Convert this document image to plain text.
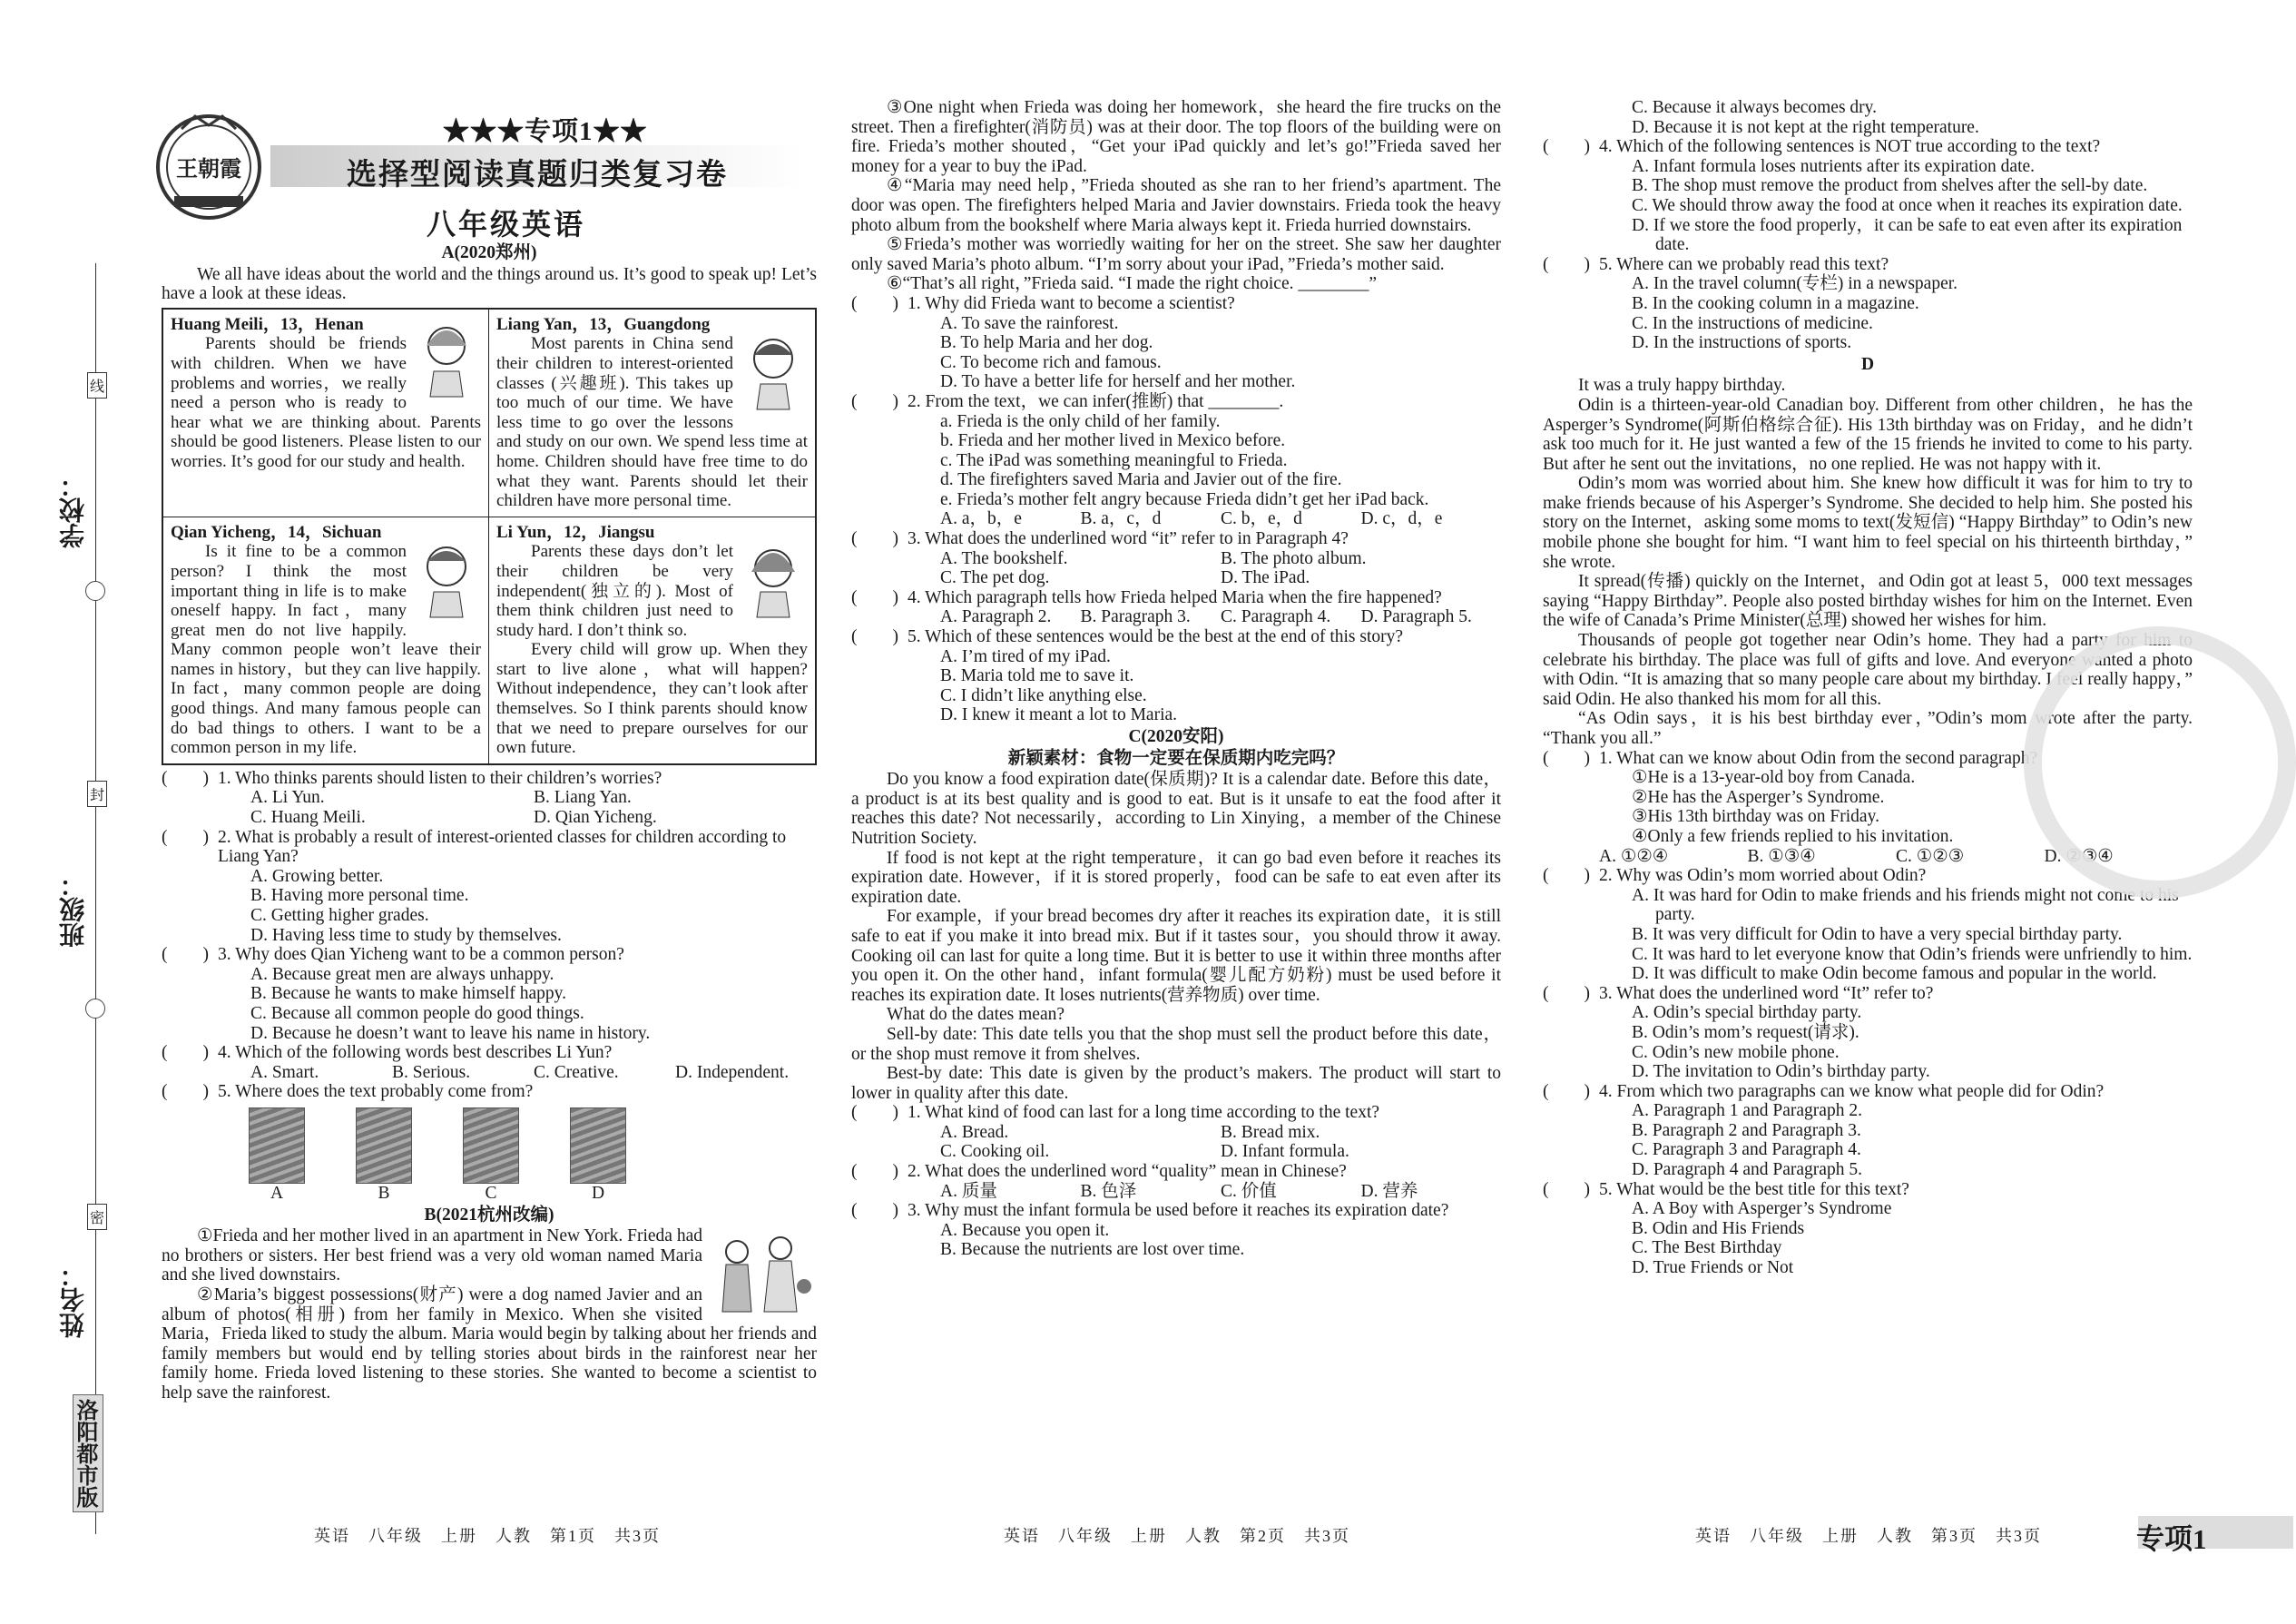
学校：
班级：
姓名：
线
封
密
洛阳都市版
王朝霞
★★★专项1★★
选择型阅读真题归类复习卷
八年级英语
A(2020郑州)

We all have ideas about the world and the things around us. It’s good to speak up! Let’s have a look at these ideas.

Huang Meili，13，Henan

Parents should be friends with children. When we have problems and worries，we really need a person who is ready to hear what we are thinking about. Parents should be good listeners. Please listen to our worries. It’s good for our study and health.

Liang Yan，13，Guangdong

Most parents in China send their children to interest-oriented classes (兴趣班). This takes up too much of our time. We have less time to go over the lessons and study on our own. We spend less time at home. Children should have free time to do what they want. Parents should let their children have more personal time.

Qian Yicheng，14，Sichuan

Is it fine to be a common person? I think the most important thing in life is to make oneself happy. In fact，many great men do not live happily. Many common people won’t leave their names in history，but they can live happily. In fact，many common people are doing good things. And many famous people can do bad things to others. I want to be a common person in my life.

Li Yun，12，Jiangsu

Parents these days don’t let their children be very independent(独立的). Most of them think children just need to study hard. I don’t think so.

Every child will grow up. When they start to live alone，what will happen? Without independence，they can’t look after themselves. So I think parents should know that we need to prepare ourselves for our own future.

(　　) 1. Who thinks parents should listen to their children’s worries?
A. Li Yun.	B. Liang Yan.
C. Huang Meili.	D. Qian Yicheng.
(　　) 2. What is probably a result of interest-oriented classes for children according to Liang Yan?
A. Growing better.
B. Having more personal time.
C. Getting higher grades.
D. Having less time to study by themselves.
(　　) 3. Why does Qian Yicheng want to be a common person?
A. Because great men are always unhappy.
B. Because he wants to make himself happy.
C. Because all common people do good things.
D. Because he doesn’t want to leave his name in history.
(　　) 4. Which of the following words best describes Li Yun?
A. Smart.	B. Serious.	C. Creative.	D. Independent.
(　　) 5. Where does the text probably come from?
A	B	C	D
B(2021杭州改编)

①Frieda and her mother lived in an apartment in New York. Frieda had no brothers or sisters. Her best friend was a very old woman named Maria and she lived downstairs.

②Maria’s biggest possessions(财产) were a dog named Javier and an album of photos(相册) from her family in Mexico. When she visited Maria，Frieda liked to study the album. Maria would begin by talking about her friends and family members but would end by telling stories about birds in the rainforest near her family home. Frieda loved listening to these stories. She wanted to become a scientist to help save the rainforest.

③One night when Frieda was doing her homework，she heard the fire trucks on the street. Then a firefighter(消防员) was at their door. The top floors of the building were on fire. Frieda’s mother shouted，“Get your iPad quickly and let’s go!”Frieda saved her money for a year to buy the iPad.

④“Maria may need help，”Frieda shouted as she ran to her friend’s apartment. The door was open. The firefighters helped Maria and Javier downstairs. Frieda took the heavy photo album from the bookshelf where Maria always kept it. Frieda hurried downstairs.

⑤Frieda’s mother was worriedly waiting for her on the street. She saw her daughter only saved Maria’s photo album. “I’m sorry about your iPad，”Frieda’s mother said.

⑥“That’s all right，”Frieda said. “I made the right choice. ________”

(　　) 1. Why did Frieda want to become a scientist?
A. To save the rainforest.
B. To help Maria and her dog.
C. To become rich and famous.
D. To have a better life for herself and her mother.
(　　) 2. From the text，we can infer(推断) that ________.
a. Frieda is the only child of her family.
b. Frieda and her mother lived in Mexico before.
c. The iPad was something meaningful to Frieda.
d. The firefighters saved Maria and Javier out of the fire.
e. Frieda’s mother felt angry because Frieda didn’t get her iPad back.
A. a，b，e	B. a，c，d	C. b，e，d	D. c，d，e
(　　) 3. What does the underlined word “it” refer to in Paragraph 4?
A. The bookshelf.	B. The photo album.
C. The pet dog.	D. The iPad.
(　　) 4. Which paragraph tells how Frieda helped Maria when the fire happened?
A. Paragraph 2.	B. Paragraph 3.	C. Paragraph 4.	D. Paragraph 5.
(　　) 5. Which of these sentences would be the best at the end of this story?
A. I’m tired of my iPad.
B. Maria told me to save it.
C. I didn’t like anything else.
D. I knew it meant a lot to Maria.
C(2020安阳)
新颖素材：食物一定要在保质期内吃完吗？

Do you know a food expiration date(保质期)? It is a calendar date. Before this date，a product is at its best quality and is good to eat. But is it unsafe to eat the food after it reaches this date? Not necessarily，according to Lin Xinying，a member of the Chinese Nutrition Society.

If food is not kept at the right temperature，it can go bad even before it reaches its expiration date. However，if it is stored properly，food can be safe to eat even after its expiration date.

For example，if your bread becomes dry after it reaches its expiration date，it is still safe to eat if you make it into bread mix. But if it tastes sour，you should throw it away. Cooking oil can last for quite a long time. But it is better to use it within three months after you open it. On the other hand，infant formula(婴儿配方奶粉) must be used before it reaches its expiration date. It loses nutrients(营养物质) over time.

What do the dates mean?

Sell-by date: This date tells you that the shop must sell the product before this date，or the shop must remove it from shelves.

Best-by date: This date is given by the product’s makers. The product will start to lower in quality after this date.

(　　) 1. What kind of food can last for a long time according to the text?
A. Bread.	B. Bread mix.
C. Cooking oil.	D. Infant formula.
(　　) 2. What does the underlined word “quality” mean in Chinese?
A. 质量	B. 色泽	C. 价值	D. 营养
(　　) 3. Why must the infant formula be used before it reaches its expiration date?
A. Because you open it.
B. Because the nutrients are lost over time.
C. Because it always becomes dry.
D. Because it is not kept at the right temperature.
(　　) 4. Which of the following sentences is NOT true according to the text?
A. Infant formula loses nutrients after its expiration date.
B. The shop must remove the product from shelves after the sell-by date.
C. We should throw away the food at once when it reaches its expiration date.
D. If we store the food properly，it can be safe to eat even after its expiration date.
(　　) 5. Where can we probably read this text?
A. In the travel column(专栏) in a newspaper.
B. In the cooking column in a magazine.
C. In the instructions of medicine.
D. In the instructions of sports.
D

It was a truly happy birthday.

Odin is a thirteen-year-old Canadian boy. Different from other children，he has the Asperger’s Syndrome(阿斯伯格综合征). His 13th birthday was on Friday，and he didn’t ask too much for it. He just wanted a few of the 15 friends he invited to come to his party. But after he sent out the invitations，no one replied. He was not happy with it.

Odin’s mom was worried about him. She knew how difficult it was for him to try to make friends because of his Asperger’s Syndrome. She decided to help him. She posted his story on the Internet，asking some moms to text(发短信) “Happy Birthday” to Odin’s new mobile phone she bought for him. “I want him to feel special on his thirteenth birthday，” she wrote.

It spread(传播) quickly on the Internet，and Odin got at least 5，000 text messages saying “Happy Birthday”. People also posted birthday wishes for him on the Internet. Even the wife of Canada’s Prime Minister(总理) showed her wishes for him.

Thousands of people got together near Odin’s home. They had a party for him to celebrate his birthday. The place was full of gifts and love. And everyone wanted a photo with Odin. “It is amazing that so many people care about my birthday. I feel really happy，” said Odin. He also thanked his mom for all this.

“As Odin says，it is his best birthday ever，”Odin’s mom wrote after the party. “Thank you all.”

(　　) 1. What can we know about Odin from the second paragraph?
①He is a 13-year-old boy from Canada.
②He has the Asperger’s Syndrome.
③His 13th birthday was on Friday.
④Only a few friends replied to his invitation.
A. ①②④	B. ①③④	C. ①②③	D. ②③④
(　　) 2. Why was Odin’s mom worried about Odin?
A. It was hard for Odin to make friends and his friends might not come to his party.
B. It was very difficult for Odin to have a very special birthday party.
C. It was hard to let everyone know that Odin’s friends were unfriendly to him.
D. It was difficult to make Odin become famous and popular in the world.
(　　) 3. What does the underlined word “It” refer to?
A. Odin’s special birthday party.
B. Odin’s mom’s request(请求).
C. Odin’s new mobile phone.
D. The invitation to Odin’s birthday party.
(　　) 4. From which two paragraphs can we know what people did for Odin?
A. Paragraph 1 and Paragraph 2.
B. Paragraph 2 and Paragraph 3.
C. Paragraph 3 and Paragraph 4.
D. Paragraph 4 and Paragraph 5.
(　　) 5. What would be the best title for this text?
A. A Boy with Asperger’s Syndrome
B. Odin and His Friends
C. The Best Birthday
D. True Friends or Not
英语　八年级　上册　人教　第1页　共3页	英语　八年级　上册　人教　第2页　共3页	英语　八年级　上册　人教　第3页　共3页	专项1
